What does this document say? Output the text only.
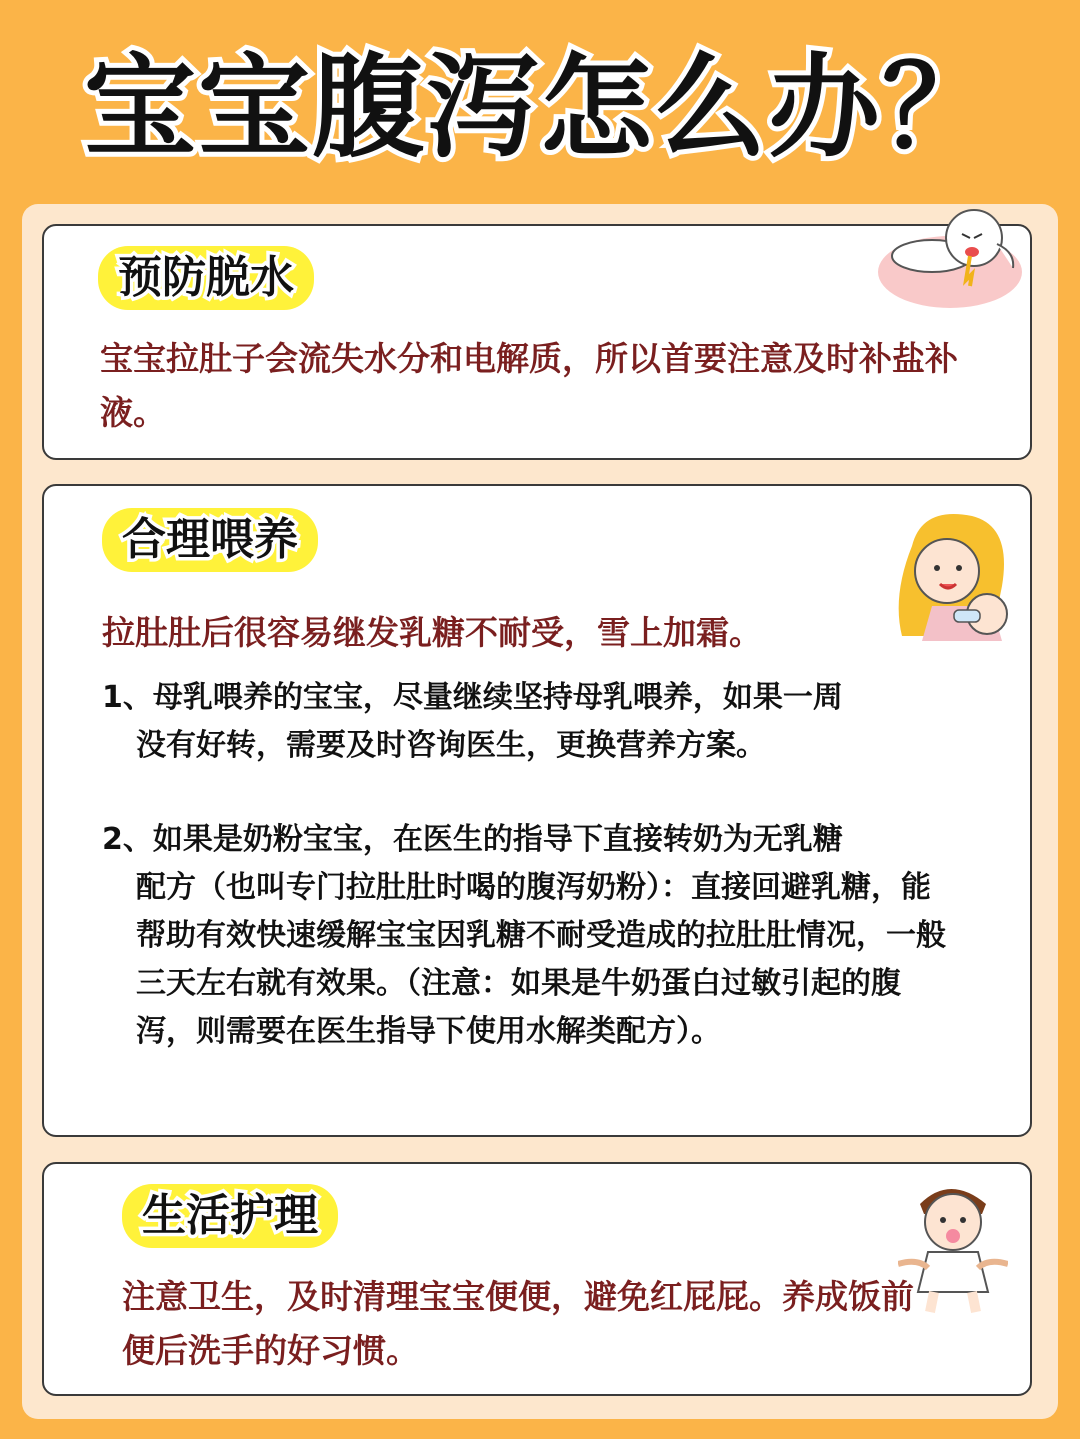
宝宝腹泻怎么办？
预防脱水

宝宝拉肚子会流失水分和电解质，所以首要注意及时补盐补液。

合理喂养

拉肚肚后很容易继发乳糖不耐受，雪上加霜。

1、母乳喂养的宝宝，尽量继续坚持母乳喂养，如果一周
没有好转，需要及时咨询医生，更换营养方案。

2、如果是奶粉宝宝，在医生的指导下直接转奶为无乳糖
配方（也叫专门拉肚肚时喝的腹泻奶粉）：直接回避乳糖，能帮助有效快速缓解宝宝因乳糖不耐受造成的拉肚肚情况，一般三天左右就有效果。（注意：如果是牛奶蛋白过敏引起的腹泻，则需要在医生指导下使用水解类配方）。

生活护理

注意卫生，及时清理宝宝便便，避免红屁屁。养成饭前便后洗手的好习惯。
